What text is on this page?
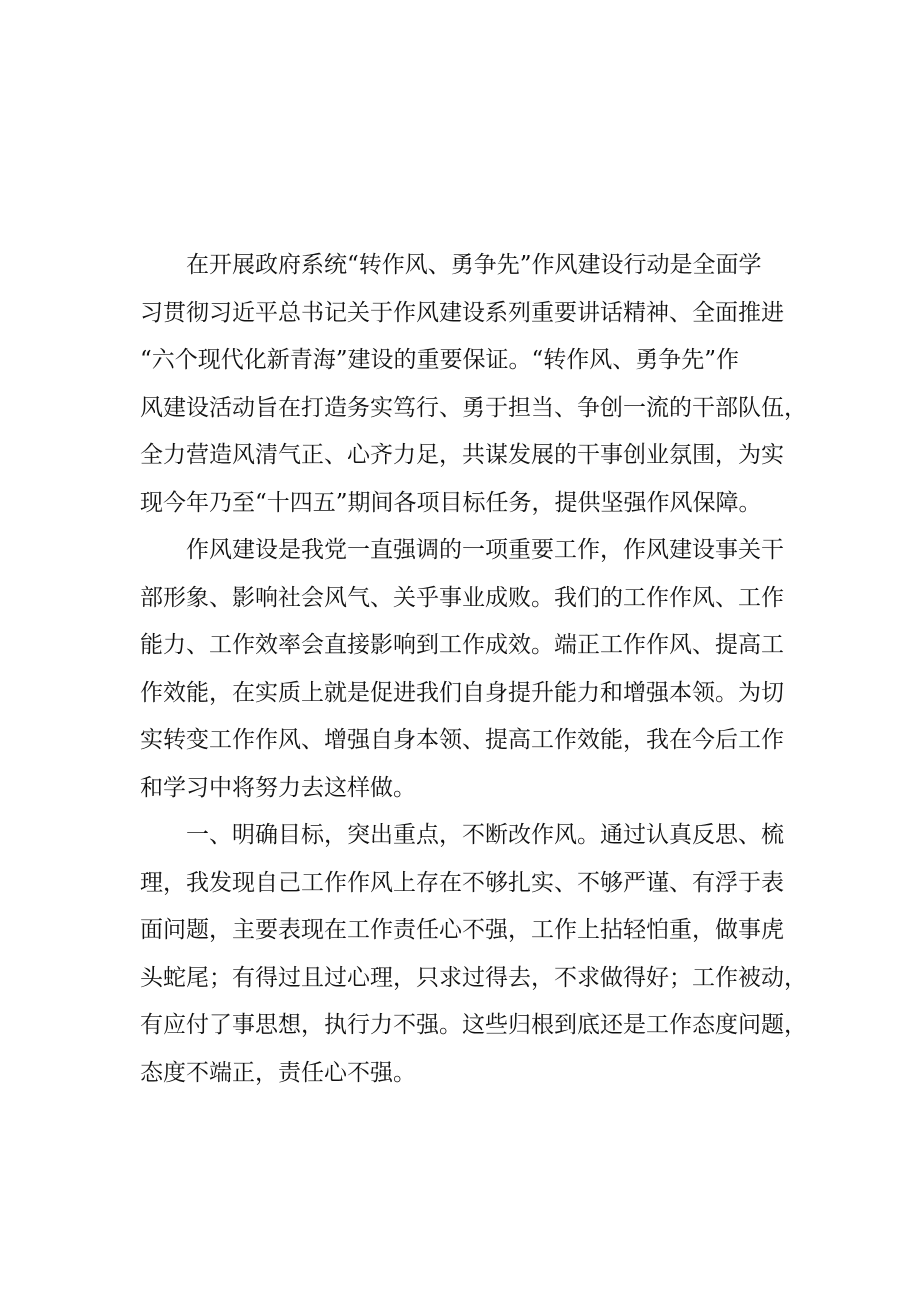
在开展政府系统“转作风、勇争先”作风建设行动是全面学
习贯彻习近平总书记关于作风建设系列重要讲话精神、全面推进
“六个现代化新青海”建设的重要保证。“转作风、勇争先”作
风建设活动旨在打造务实笃行、勇于担当、争创一流的干部队伍，
全力营造风清气正、心齐力足，共谋发展的干事创业氛围，为实
现今年乃至“十四五”期间各项目标任务，提供坚强作风保障。

作风建设是我党一直强调的一项重要工作，作风建设事关干
部形象、影响社会风气、关乎事业成败。我们的工作作风、工作
能力、工作效率会直接影响到工作成效。端正工作作风、提高工
作效能，在实质上就是促进我们自身提升能力和增强本领。为切
实转变工作作风、增强自身本领、提高工作效能，我在今后工作
和学习中将努力去这样做。

一、明确目标，突出重点，不断改作风。通过认真反思、梳
理，我发现自己工作作风上存在不够扎实、不够严谨、有浮于表
面问题，主要表现在工作责任心不强，工作上拈轻怕重，做事虎
头蛇尾；有得过且过心理，只求过得去，不求做得好；工作被动，
有应付了事思想，执行力不强。这些归根到底还是工作态度问题，
态度不端正，责任心不强。
